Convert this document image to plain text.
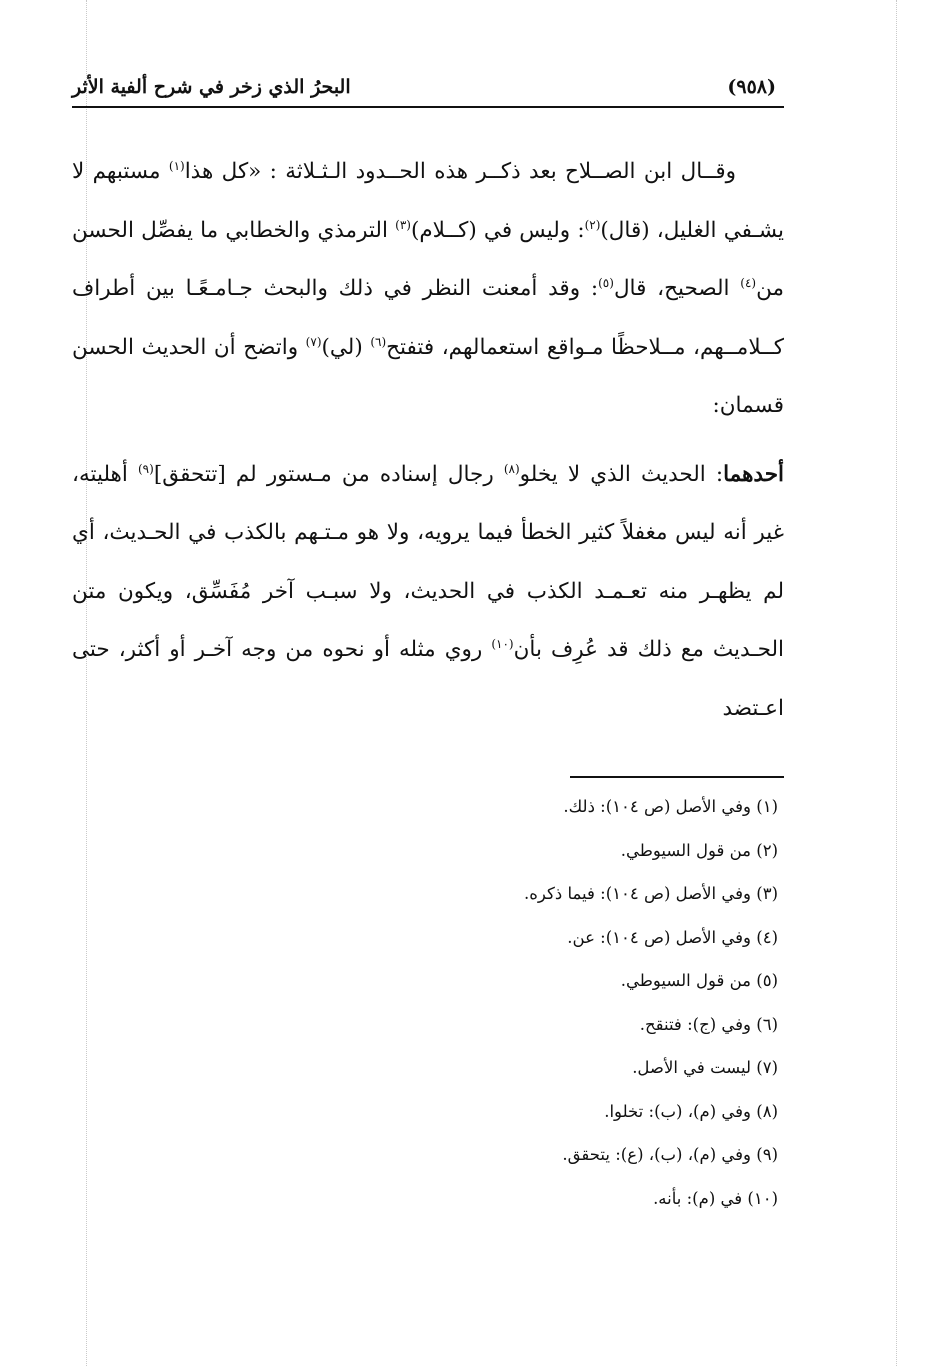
(٩٥٨)
البحرُ الذي زخر في شرح ألفية الأثر

وقــال ابن الصــلاح بعد ذكــر هذه الحــدود الـثـلاثة : «كل هذا$^{(١)}$ مستبهم لا يشـفي الغليل، (قال)$^{(٢)}$: وليس في (كــلام)$^{(٣)}$ الترمذي والخطابي ما يفصِّل الحسن من$^{(٤)}$ الصحيح، قال$^{(٥)}$: وقد أمعنت النظر في ذلك والبحث جـامـعًـا بين أطراف كــلامــهم، مــلاحظًا مـواقع استعمالهم، فتفتح$^{(٦)}$ (لي)$^{(٧)}$ واتضح أن الحديث الحسن قسمان:

أحدهما: الحديث الذي لا يخلو$^{(٨)}$ رجال إسناده من مـستور لم [تتحقق]$^{(٩)}$ أهليته، غير أنه ليس مغفلاً كثير الخطأ فيما يرويه، ولا هو مـتـهم بالكذب في الحـديث، أي لم يظهـر منه تعـمـد الكذب في الحديث، ولا سبـب آخر مُفَسِّق، ويكون متن الحـديث مع ذلك قد عُرِف بأن$^{(١٠)}$ روي مثله أو نحوه من وجه آخـر أو أكثر، حتى اعـتضد

(١) وفي الأصل (ص ١٠٤): ذلك.
(٢) من قول السيوطي.
(٣) وفي الأصل (ص ١٠٤): فيما ذكره.
(٤) وفي الأصل (ص ١٠٤): عن.
(٥) من قول السيوطي.
(٦) وفي (ج): فتنقح.
(٧) ليست في الأصل.
(٨) وفي (م)، (ب): تخلوا.
(٩) وفي (م)، (ب)، (ع): يتحقق.
(١٠) في (م): بأنه.
